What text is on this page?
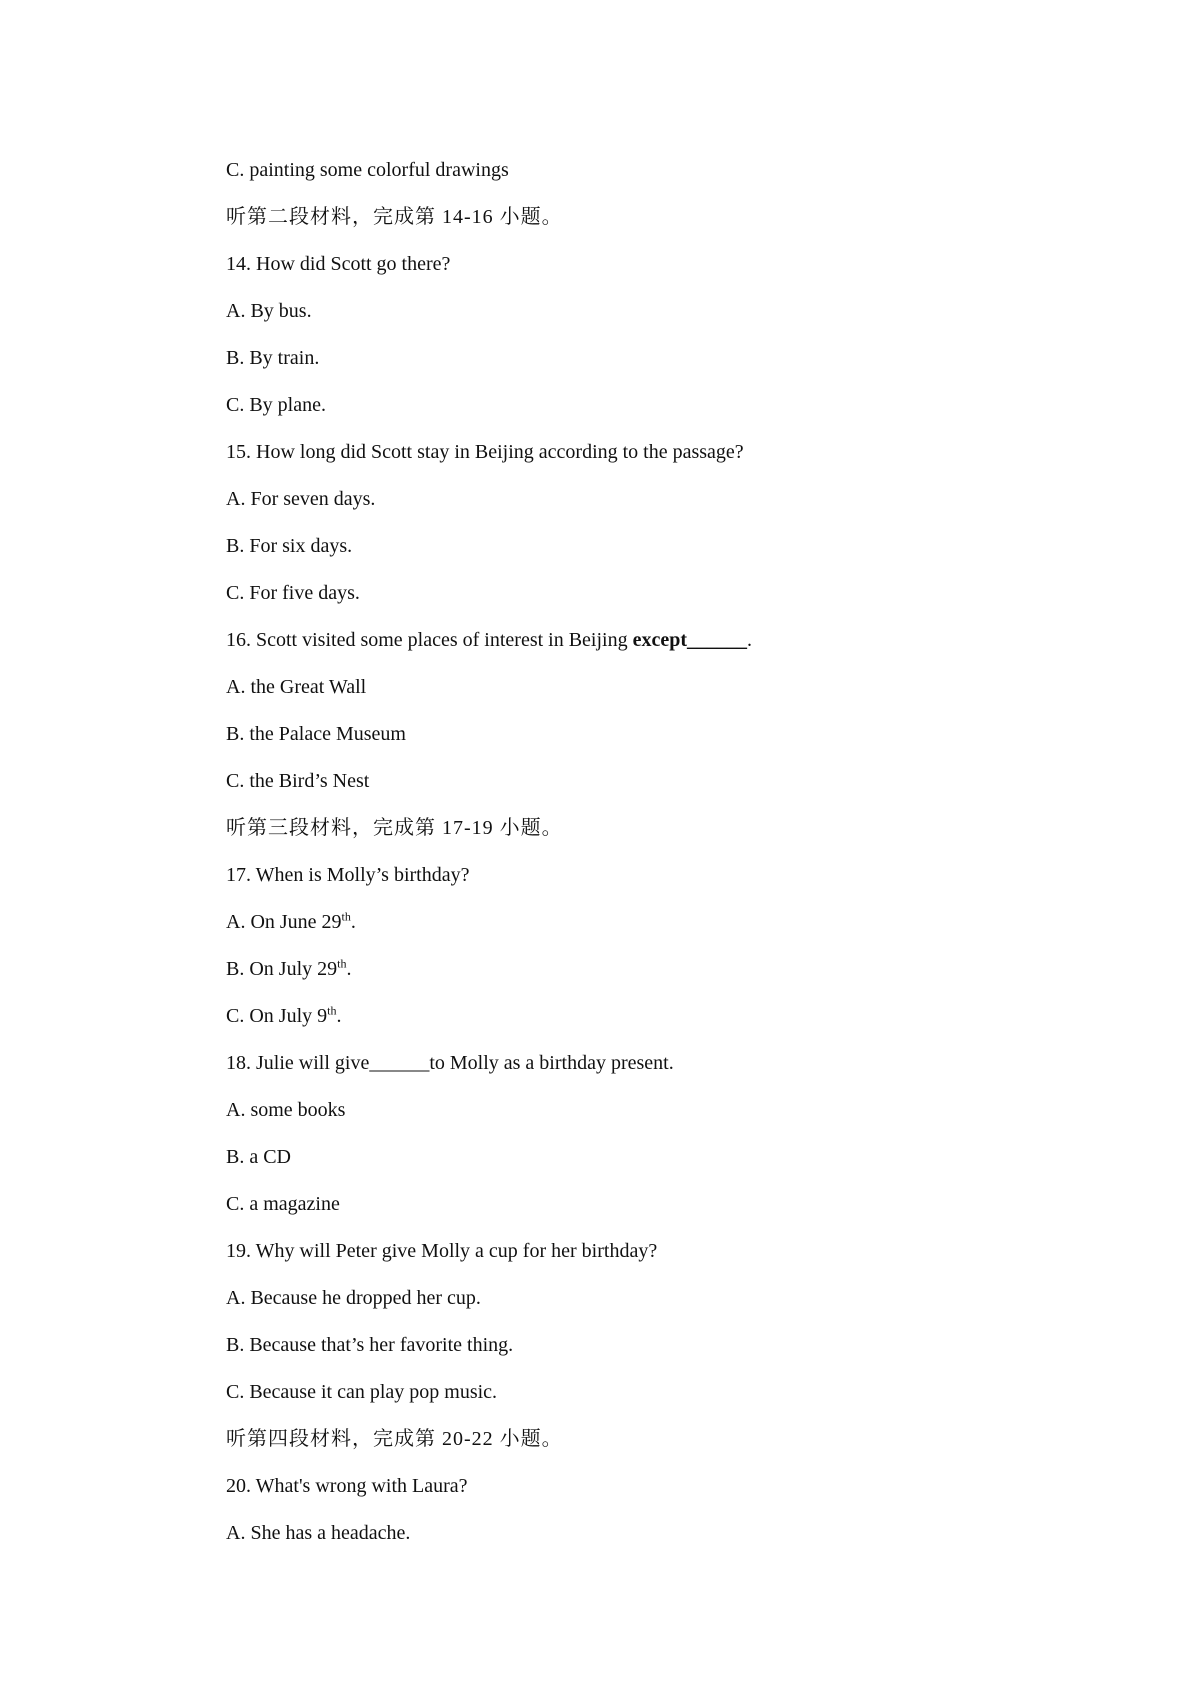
C. painting some colorful drawings
听第二段材料，完成第 14-16 小题。
14. How did Scott go there?
A. By bus.
B. By train.
C. By plane.
15. How long did Scott stay in Beijing according to the passage?
A. For seven days.
B. For six days.
C. For five days.
16. Scott visited some places of interest in Beijing except______.
A. the Great Wall
B. the Palace Museum
C. the Bird’s Nest
听第三段材料，完成第 17-19 小题。
17. When is Molly’s birthday?
A. On June 29th.
B. On July 29th.
C. On July 9th.
18. Julie will give______to Molly as a birthday present.
A. some books
B. a CD
C. a magazine
19. Why will Peter give Molly a cup for her birthday?
A. Because he dropped her cup.
B. Because that’s her favorite thing.
C. Because it can play pop music.
听第四段材料，完成第 20-22 小题。
20. What's wrong with Laura?
A. She has a headache.
